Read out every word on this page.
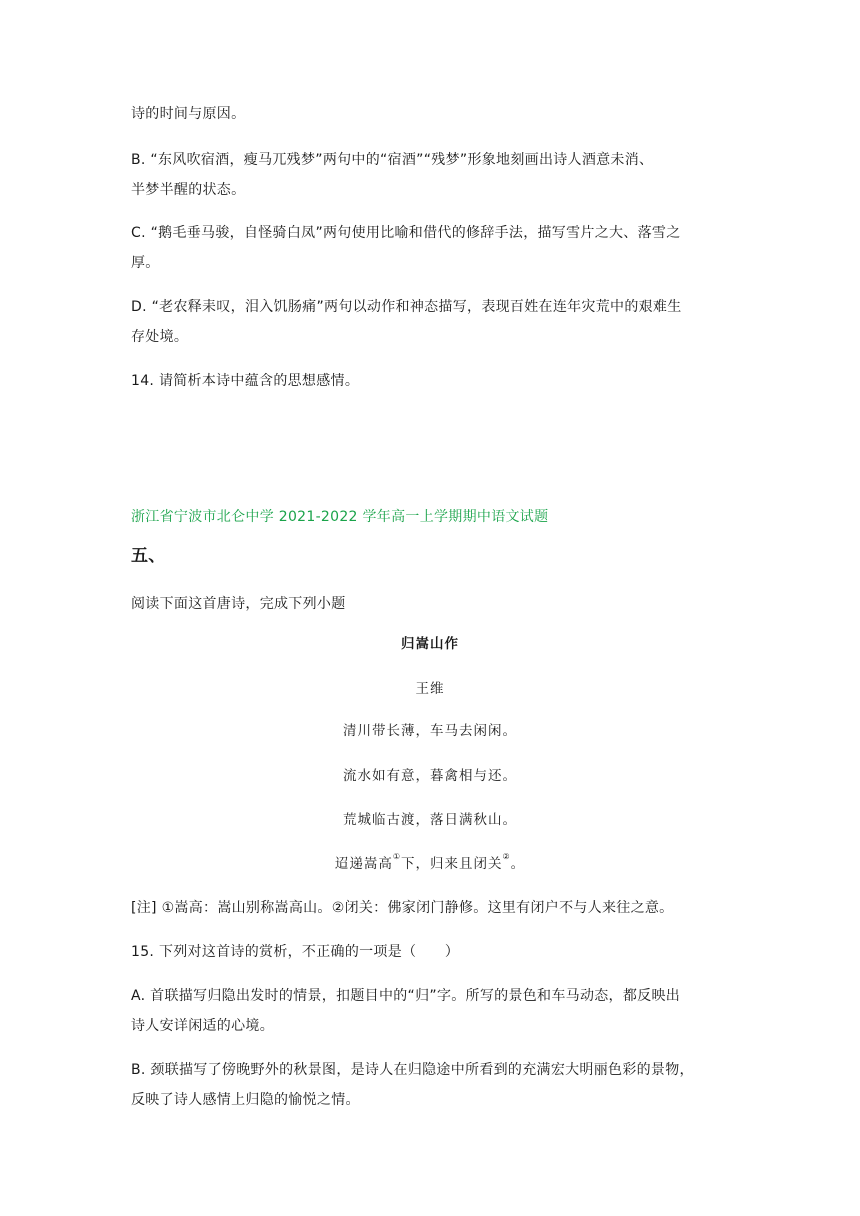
诗的时间与原因。
B. “东风吹宿酒，瘦马兀残梦”两句中的“宿酒”“残梦”形象地刻画出诗人酒意未消、
半梦半醒的状态。
C. “鹅毛垂马骏，自怪骑白凤”两句使用比喻和借代的修辞手法，描写雪片之大、落雪之
厚。
D. “老农释耒叹，泪入饥肠痛”两句以动作和神态描写，表现百姓在连年灾荒中的艰难生
存处境。
14. 请简析本诗中蕴含的思想感情。
浙江省宁波市北仑中学 2021-2022 学年高一上学期期中语文试题
五、
阅读下面这首唐诗，完成下列小题
归嵩山作
王维
清川带长薄，车马去闲闲。
流水如有意，暮禽相与还。
荒城临古渡，落日满秋山。
迢递嵩高①下，归来且闭关②。
[注] ①嵩高：嵩山别称嵩高山。②闭关：佛家闭门静修。这里有闭户不与人来往之意。
15. 下列对这首诗的赏析，不正确的一项是（　　）
A. 首联描写归隐出发时的情景，扣题目中的“归”字。所写的景色和车马动态，都反映出
诗人安详闲适的心境。
B. 颈联描写了傍晚野外的秋景图，是诗人在归隐途中所看到的充满宏大明丽色彩的景物，
反映了诗人感情上归隐的愉悦之情。
